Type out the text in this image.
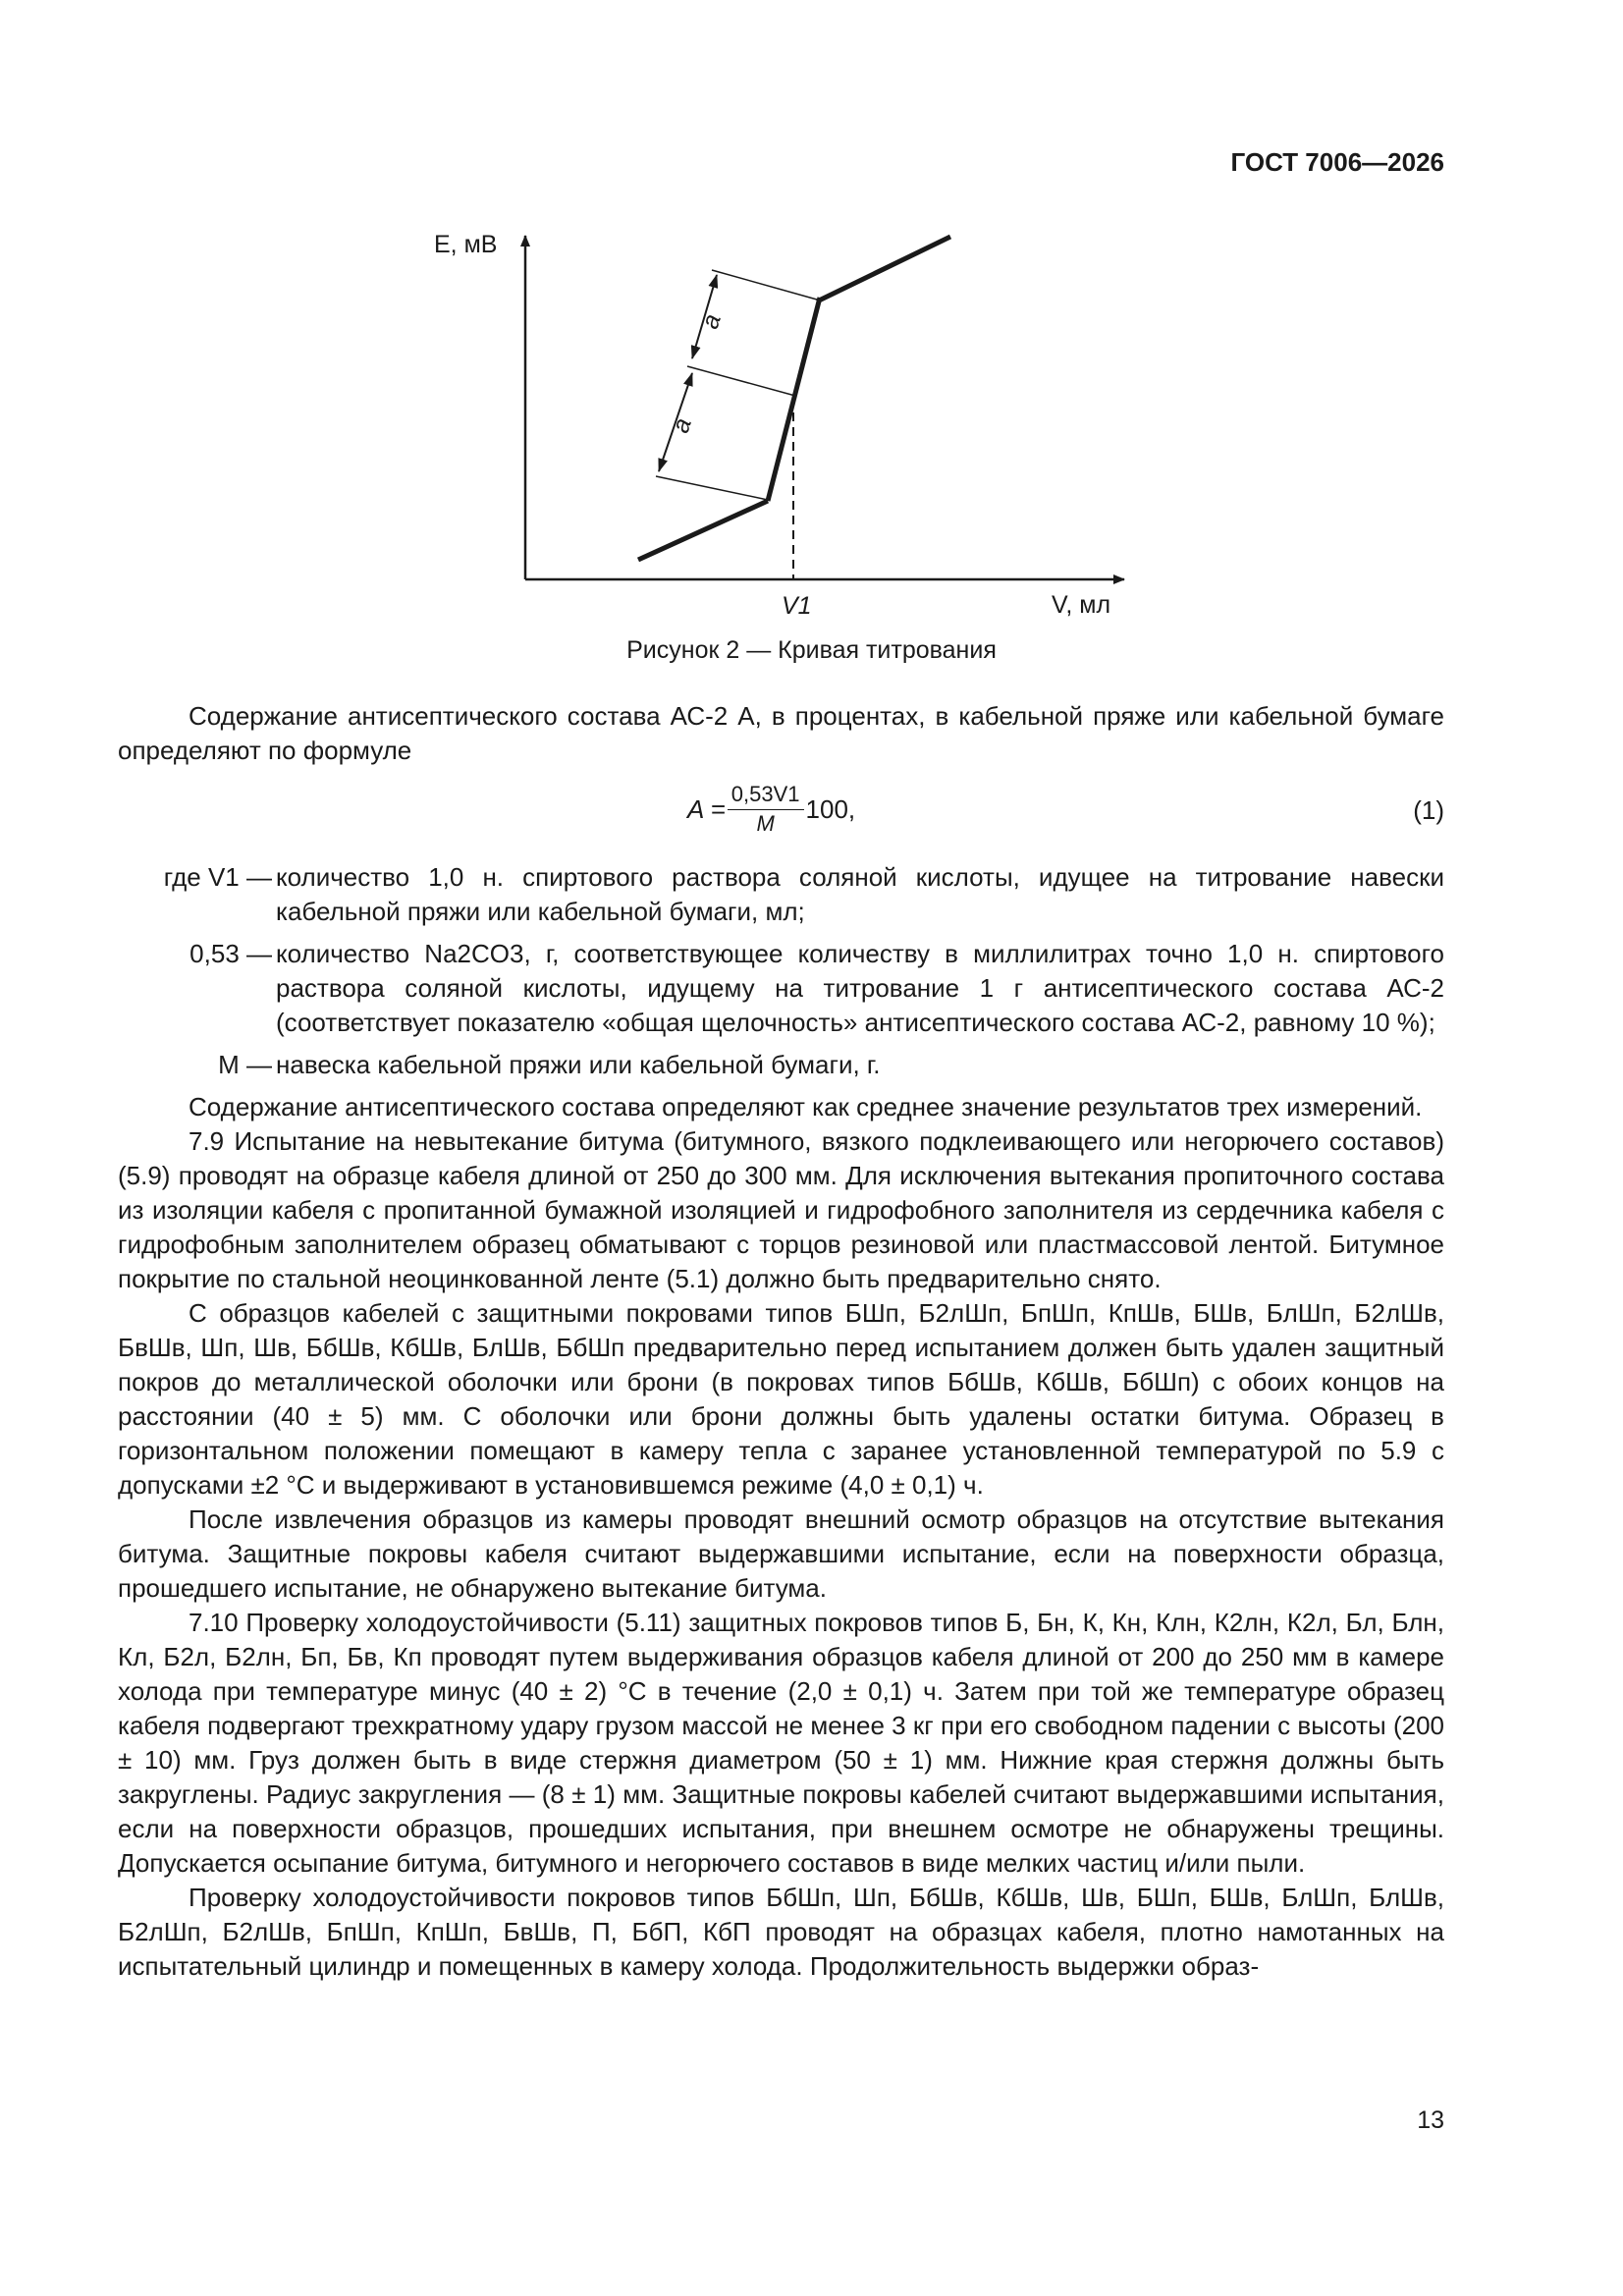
ГОСТ 7006—2026
E, мВ
V, мл
V1
a
a
Рисунок 2 — Кривая титрования

Содержание антисептического состава АС-2 А, в процентах, в кабельной пряже или кабельной бумаге определяют по формуле

$A = \frac{0,53V1}{M} 100$,	(1)
где V1 — количество 1,0 н. спиртового раствора соляной кислоты, идущее на титрование навески кабельной пряжи или кабельной бумаги, мл;
0,53 — количество Na2CO3, г, соответствующее количеству в миллилитрах точно 1,0 н. спиртового раствора соляной кислоты, идущему на титрование 1 г антисептического состава АС-2 (соответствует показателю «общая щелочность» антисептического состава АС-2, равному 10 %);
М — навеска кабельной пряжи или кабельной бумаги, г.

Содержание антисептического состава определяют как среднее значение результатов трех измерений.

7.9 Испытание на невытекание битума (битумного, вязкого подклеивающего или негорючего составов) (5.9) проводят на образце кабеля длиной от 250 до 300 мм. Для исключения вытекания пропиточного состава из изоляции кабеля с пропитанной бумажной изоляцией и гидрофобного заполнителя из сердечника кабеля с гидрофобным заполнителем образец обматывают с торцов резиновой или пластмассовой лентой. Битумное покрытие по стальной неоцинкованной ленте (5.1) должно быть предварительно снято.

С образцов кабелей с защитными покровами типов БШп, Б2лШп, БпШп, КпШв, БШв, БлШп, Б2лШв, БвШв, Шп, Шв, БбШв, КбШв, БлШв, БбШп предварительно перед испытанием должен быть удален защитный покров до металлической оболочки или брони (в покровах типов БбШв, КбШв, БбШп) с обоих концов на расстоянии (40 ± 5) мм. С оболочки или брони должны быть удалены остатки битума. Образец в горизонтальном положении помещают в камеру тепла с заранее установленной температурой по 5.9 с допусками ±2 °С и выдерживают в установившемся режиме (4,0 ± 0,1) ч.

После извлечения образцов из камеры проводят внешний осмотр образцов на отсутствие вытекания битума. Защитные покровы кабеля считают выдержавшими испытание, если на поверхности образца, прошедшего испытание, не обнаружено вытекание битума.

7.10 Проверку холодоустойчивости (5.11) защитных покровов типов Б, Бн, К, Кн, Клн, К2лн, К2л, Бл, Блн, Кл, Б2л, Б2лн, Бп, Бв, Кп проводят путем выдерживания образцов кабеля длиной от 200 до 250 мм в камере холода при температуре минус (40 ± 2) °С в течение (2,0 ± 0,1) ч. Затем при той же температуре образец кабеля подвергают трехкратному удару грузом массой не менее 3 кг при его свободном падении с высоты (200 ± 10) мм. Груз должен быть в виде стержня диаметром (50 ± 1) мм. Нижние края стержня должны быть закруглены. Радиус закругления — (8 ± 1) мм. Защитные покровы кабелей считают выдержавшими испытания, если на поверхности образцов, прошедших испытания, при внешнем осмотре не обнаружены трещины. Допускается осыпание битума, битумного и негорючего составов в виде мелких частиц и/или пыли.

Проверку холодоустойчивости покровов типов БбШп, Шп, БбШв, КбШв, Шв, БШп, БШв, БлШп, БлШв, Б2лШп, Б2лШв, БпШп, КпШп, БвШв, П, БбП, КбП проводят на образцах кабеля, плотно намотанных на испытательный цилиндр и помещенных в камеру холода. Продолжительность выдержки образ-

13
